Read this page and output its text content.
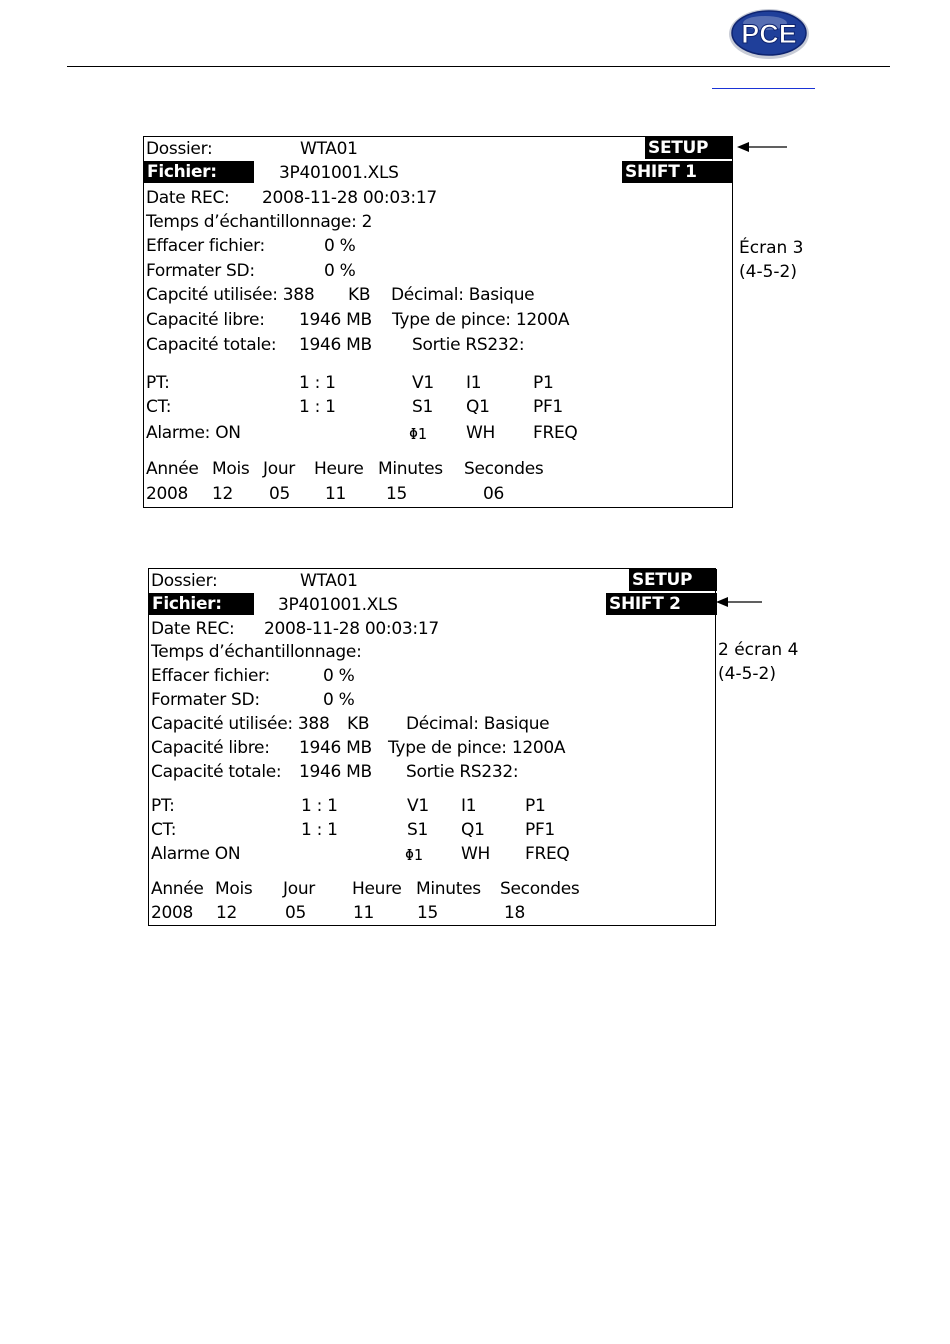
PCE
Dossier:	WTA01	SETUP
Fichier:	3P401001.XLS	SHIFT 1
Date REC: 2008-11-28 00:03:17
Temps d’échantillonnage: 2
Effacer fichier:	0 %
Formater SD:	0 %
Capcité utilisée: 388 KB Décimal: Basique
Capacité libre: 1946 MB Type de pince: 1200A
Capacité totale: 1946 MB Sortie RS232:
PT:	1 : 1	V1 I1	P1
CT:	1 : 1	S1 Q1	PF1
Alarme: ON	Φ1 WH FREQ
Année Mois Jour Heure Minutes Secondes
2008 12 05 11 15	06
Écran 3
(4-5-2)
Dossier:	WTA01	SETUP
Fichier:	3P401001.XLS	SHIFT 2
Date REC: 2008-11-28 00:03:17
Temps d’échantillonnage:
Effacer fichier:	0 %
Formater SD:	0 %
Capacité utilisée: 388 KB Décimal: Basique
Capacité libre: 1946 MB Type de pince: 1200A
Capacité totale: 1946 MB Sortie RS232:
PT:	1 : 1	V1 I1	P1
CT:	1 : 1	S1 Q1 PF1
Alarme ON	Φ1 WH FREQ
Année Mois Jour Heure Minutes Secondes
2008 12	05	11	15	18
2 écran 4
(4-5-2)
